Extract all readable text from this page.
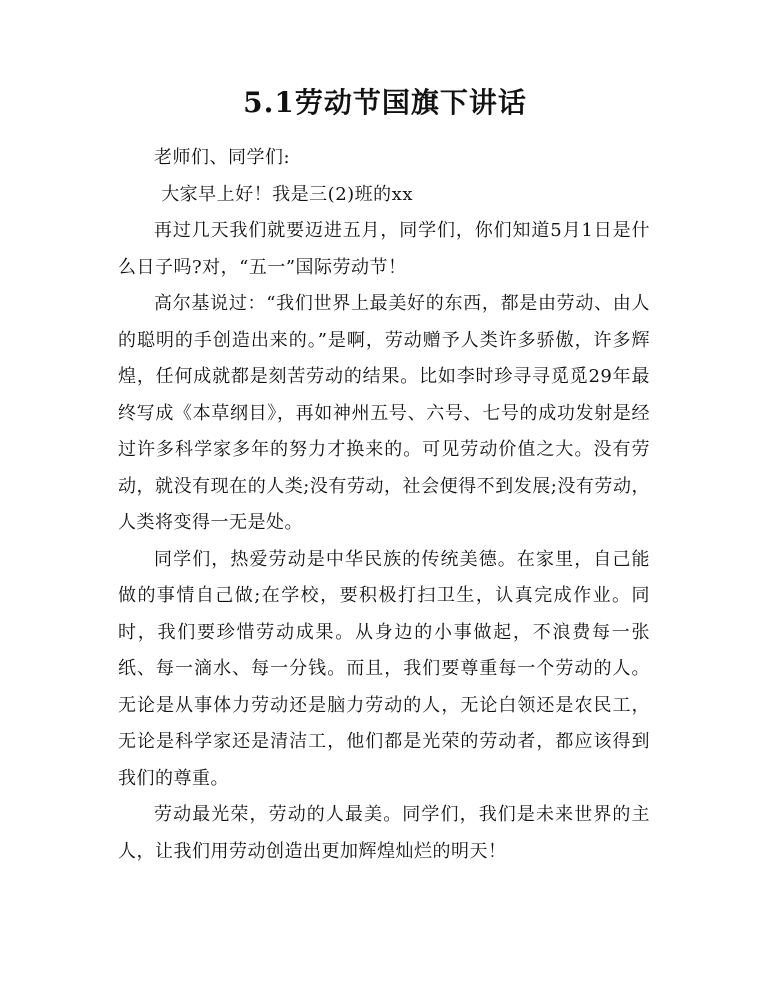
5.1劳动节国旗下讲话

老师们、同学们:

大家早上好！我是三(2)班的xx

再过几天我们就要迈进五月，同学们，你们知道5月1日是什么日子吗?对，“五一”国际劳动节！

高尔基说过：“我们世界上最美好的东西，都是由劳动、由人的聪明的手创造出来的。”是啊，劳动赠予人类许多骄傲，许多辉煌，任何成就都是刻苦劳动的结果。比如李时珍寻寻觅觅29年最终写成《本草纲目》，再如神州五号、六号、七号的成功发射是经过许多科学家多年的努力才换来的。可见劳动价值之大。没有劳动，就没有现在的人类;没有劳动，社会便得不到发展;没有劳动，人类将变得一无是处。

同学们，热爱劳动是中华民族的传统美德。在家里，自己能做的事情自己做;在学校，要积极打扫卫生，认真完成作业。同时，我们要珍惜劳动成果。从身边的小事做起，不浪费每一张纸、每一滴水、每一分钱。而且，我们要尊重每一个劳动的人。无论是从事体力劳动还是脑力劳动的人，无论白领还是农民工，无论是科学家还是清洁工，他们都是光荣的劳动者，都应该得到我们的尊重。

劳动最光荣，劳动的人最美。同学们，我们是未来世界的主人，让我们用劳动创造出更加辉煌灿烂的明天！
